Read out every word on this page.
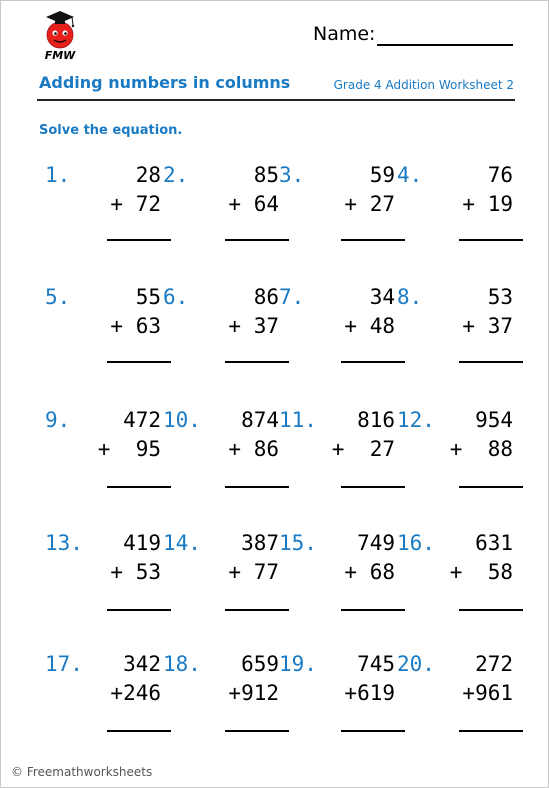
FMW
Name:
Adding numbers in columns	Grade 4 Addition Worksheet 2
Solve the equation.
1.	28
+ 72
2.	85
+ 64
3.	59
+ 27
4.	76
+ 19
5.	55
+ 63
6.	86
+ 37
7.	34
+ 48
8.	53
+ 37
9.	472
+  95
10. 874
+ 86
11. 816
+  27
12. 954
+  88
13. 419
+ 53
14. 387
+ 77
15. 749
+ 68
16. 631
+  58
17. 342
+246
18. 659
+912
19. 745
+619
20. 272
+961
© Freemathworksheets
